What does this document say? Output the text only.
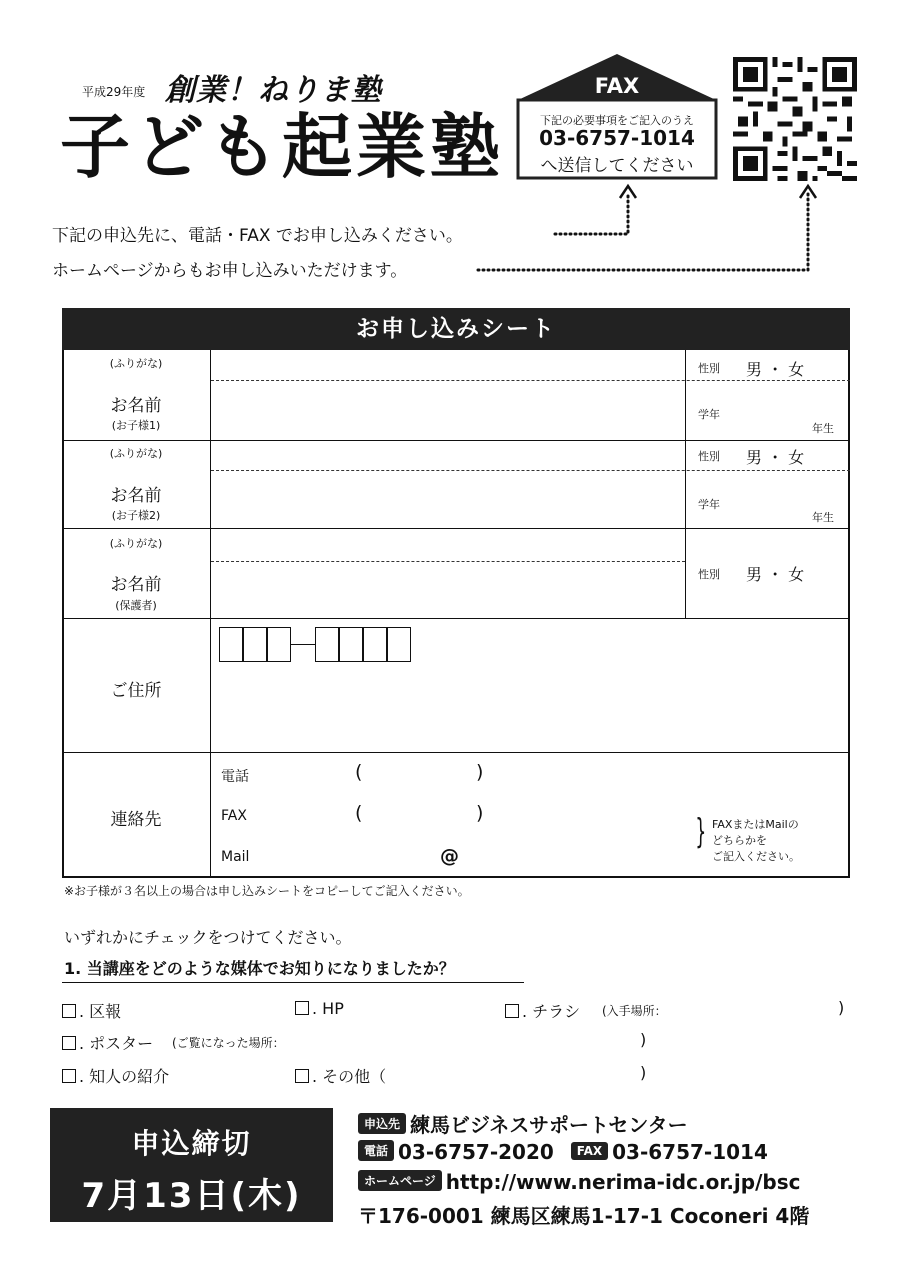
平成29年度 創業！ねりま塾
子ども起業塾
FAX
下記の必要事項をご記入のうえ
03-6757-1014
へ送信してください
下記の申込先に、電話・FAX でお申し込みください。
ホームページからもお申し込みいただけます。
お申し込みシート
(ふりがな)
お名前
(お子様1)
性別 男 ・ 女
学年
年生
(ふりがな)
お名前
(お子様2)
性別 男 ・ 女
学年
年生
(ふりがな)
お名前
(保護者)
性別 男 ・ 女
ご住所
連絡先
電話	(	)
FAX	(	)
Mail	@
} FAXまたはMailの
どちらかを
ご記入ください。
※お子様が３名以上の場合は申し込みシートをコピーしてご記入ください。
いずれかにチェックをつけてください。
1. 当講座をどのような媒体でお知りになりましたか？
. 区報	. HP	. チラシ (入手場所：	)
. ポスター (ご覧になった場所：	)
. 知人の紹介	. その他（	)
申込締切
7月13日(木)
申込先 練馬ビジネスサポートセンター
電話 03-6757-2020 FAX 03-6757-1014
ホームページ http://www.nerima-idc.or.jp/bsc
〒176-0001 練馬区練馬1-17-1 Coconeri 4階
